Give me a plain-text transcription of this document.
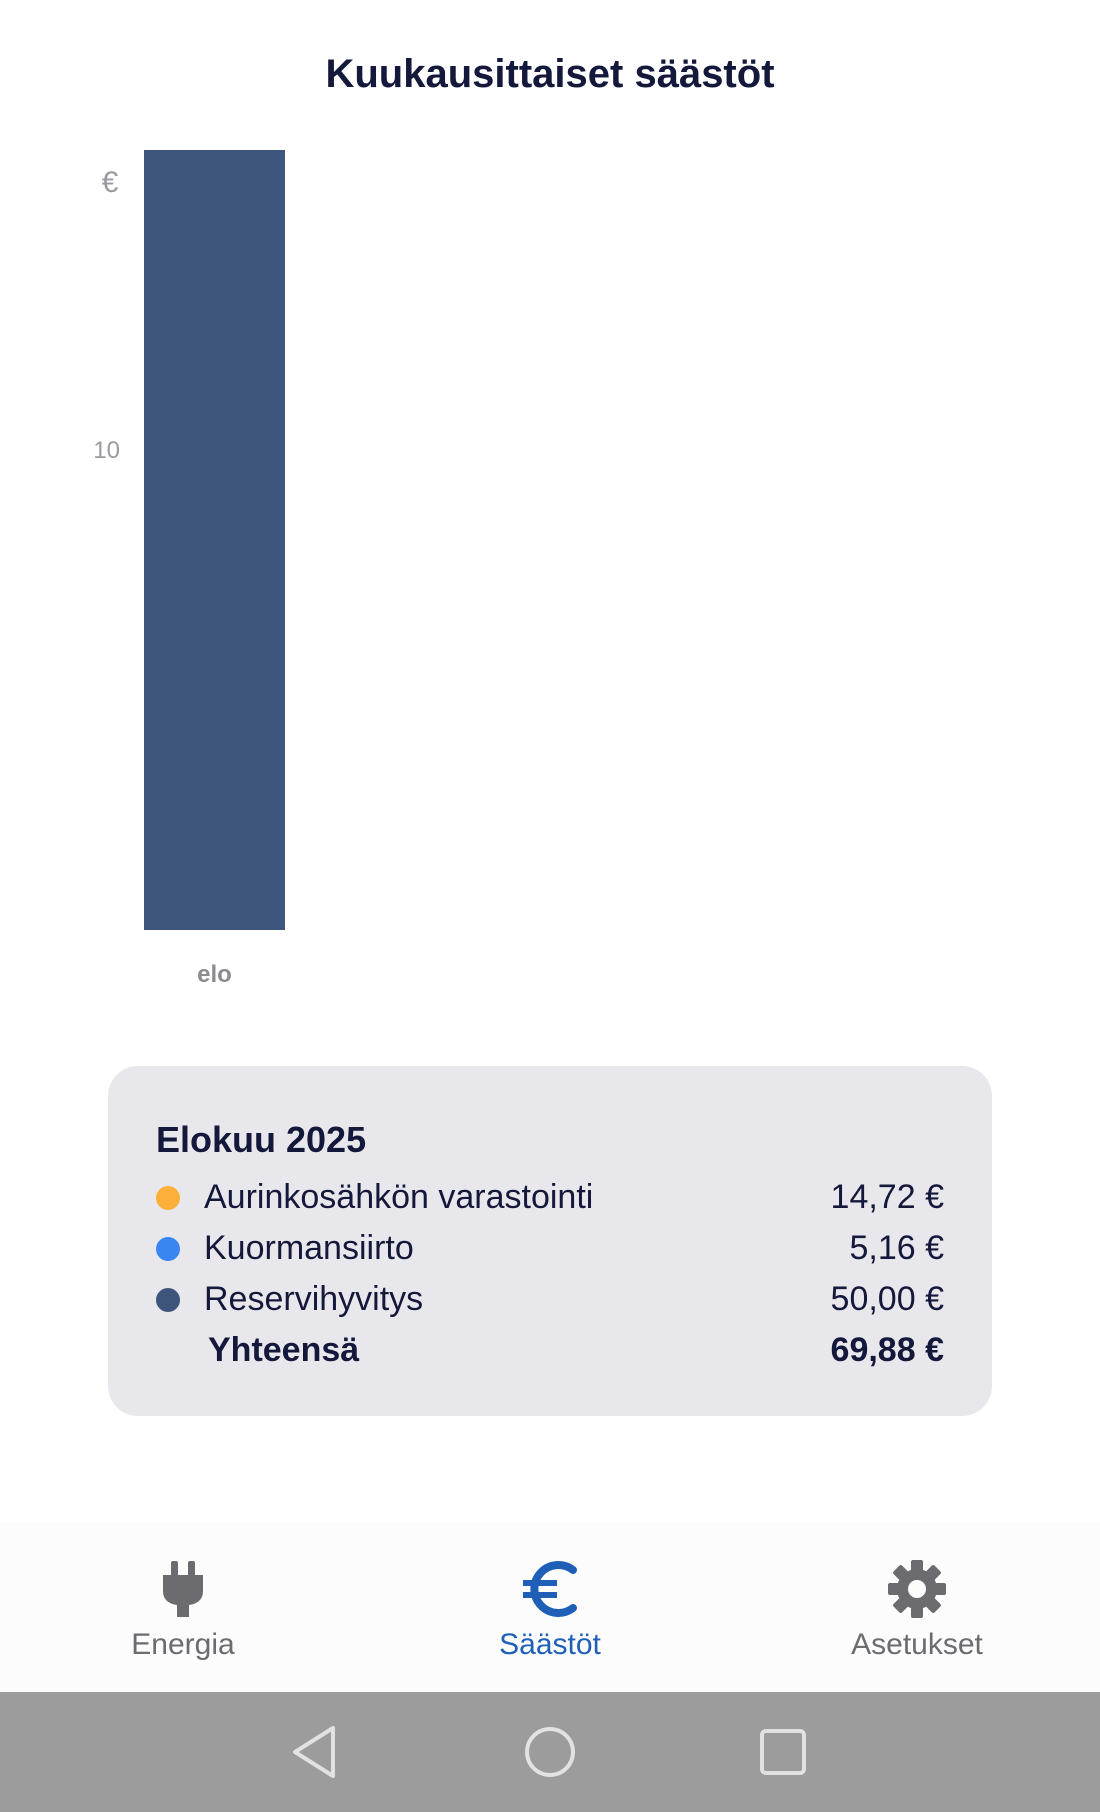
Kuukausittaiset säästöt
€
10
elo
Elokuu 2025
Aurinkosähkön varastointi	14,72 €
Kuormansiirto	5,16 €
Reservihyvitys	50,00 €
Yhteensä	69,88 €
Energia	Säästöt	Asetukset
